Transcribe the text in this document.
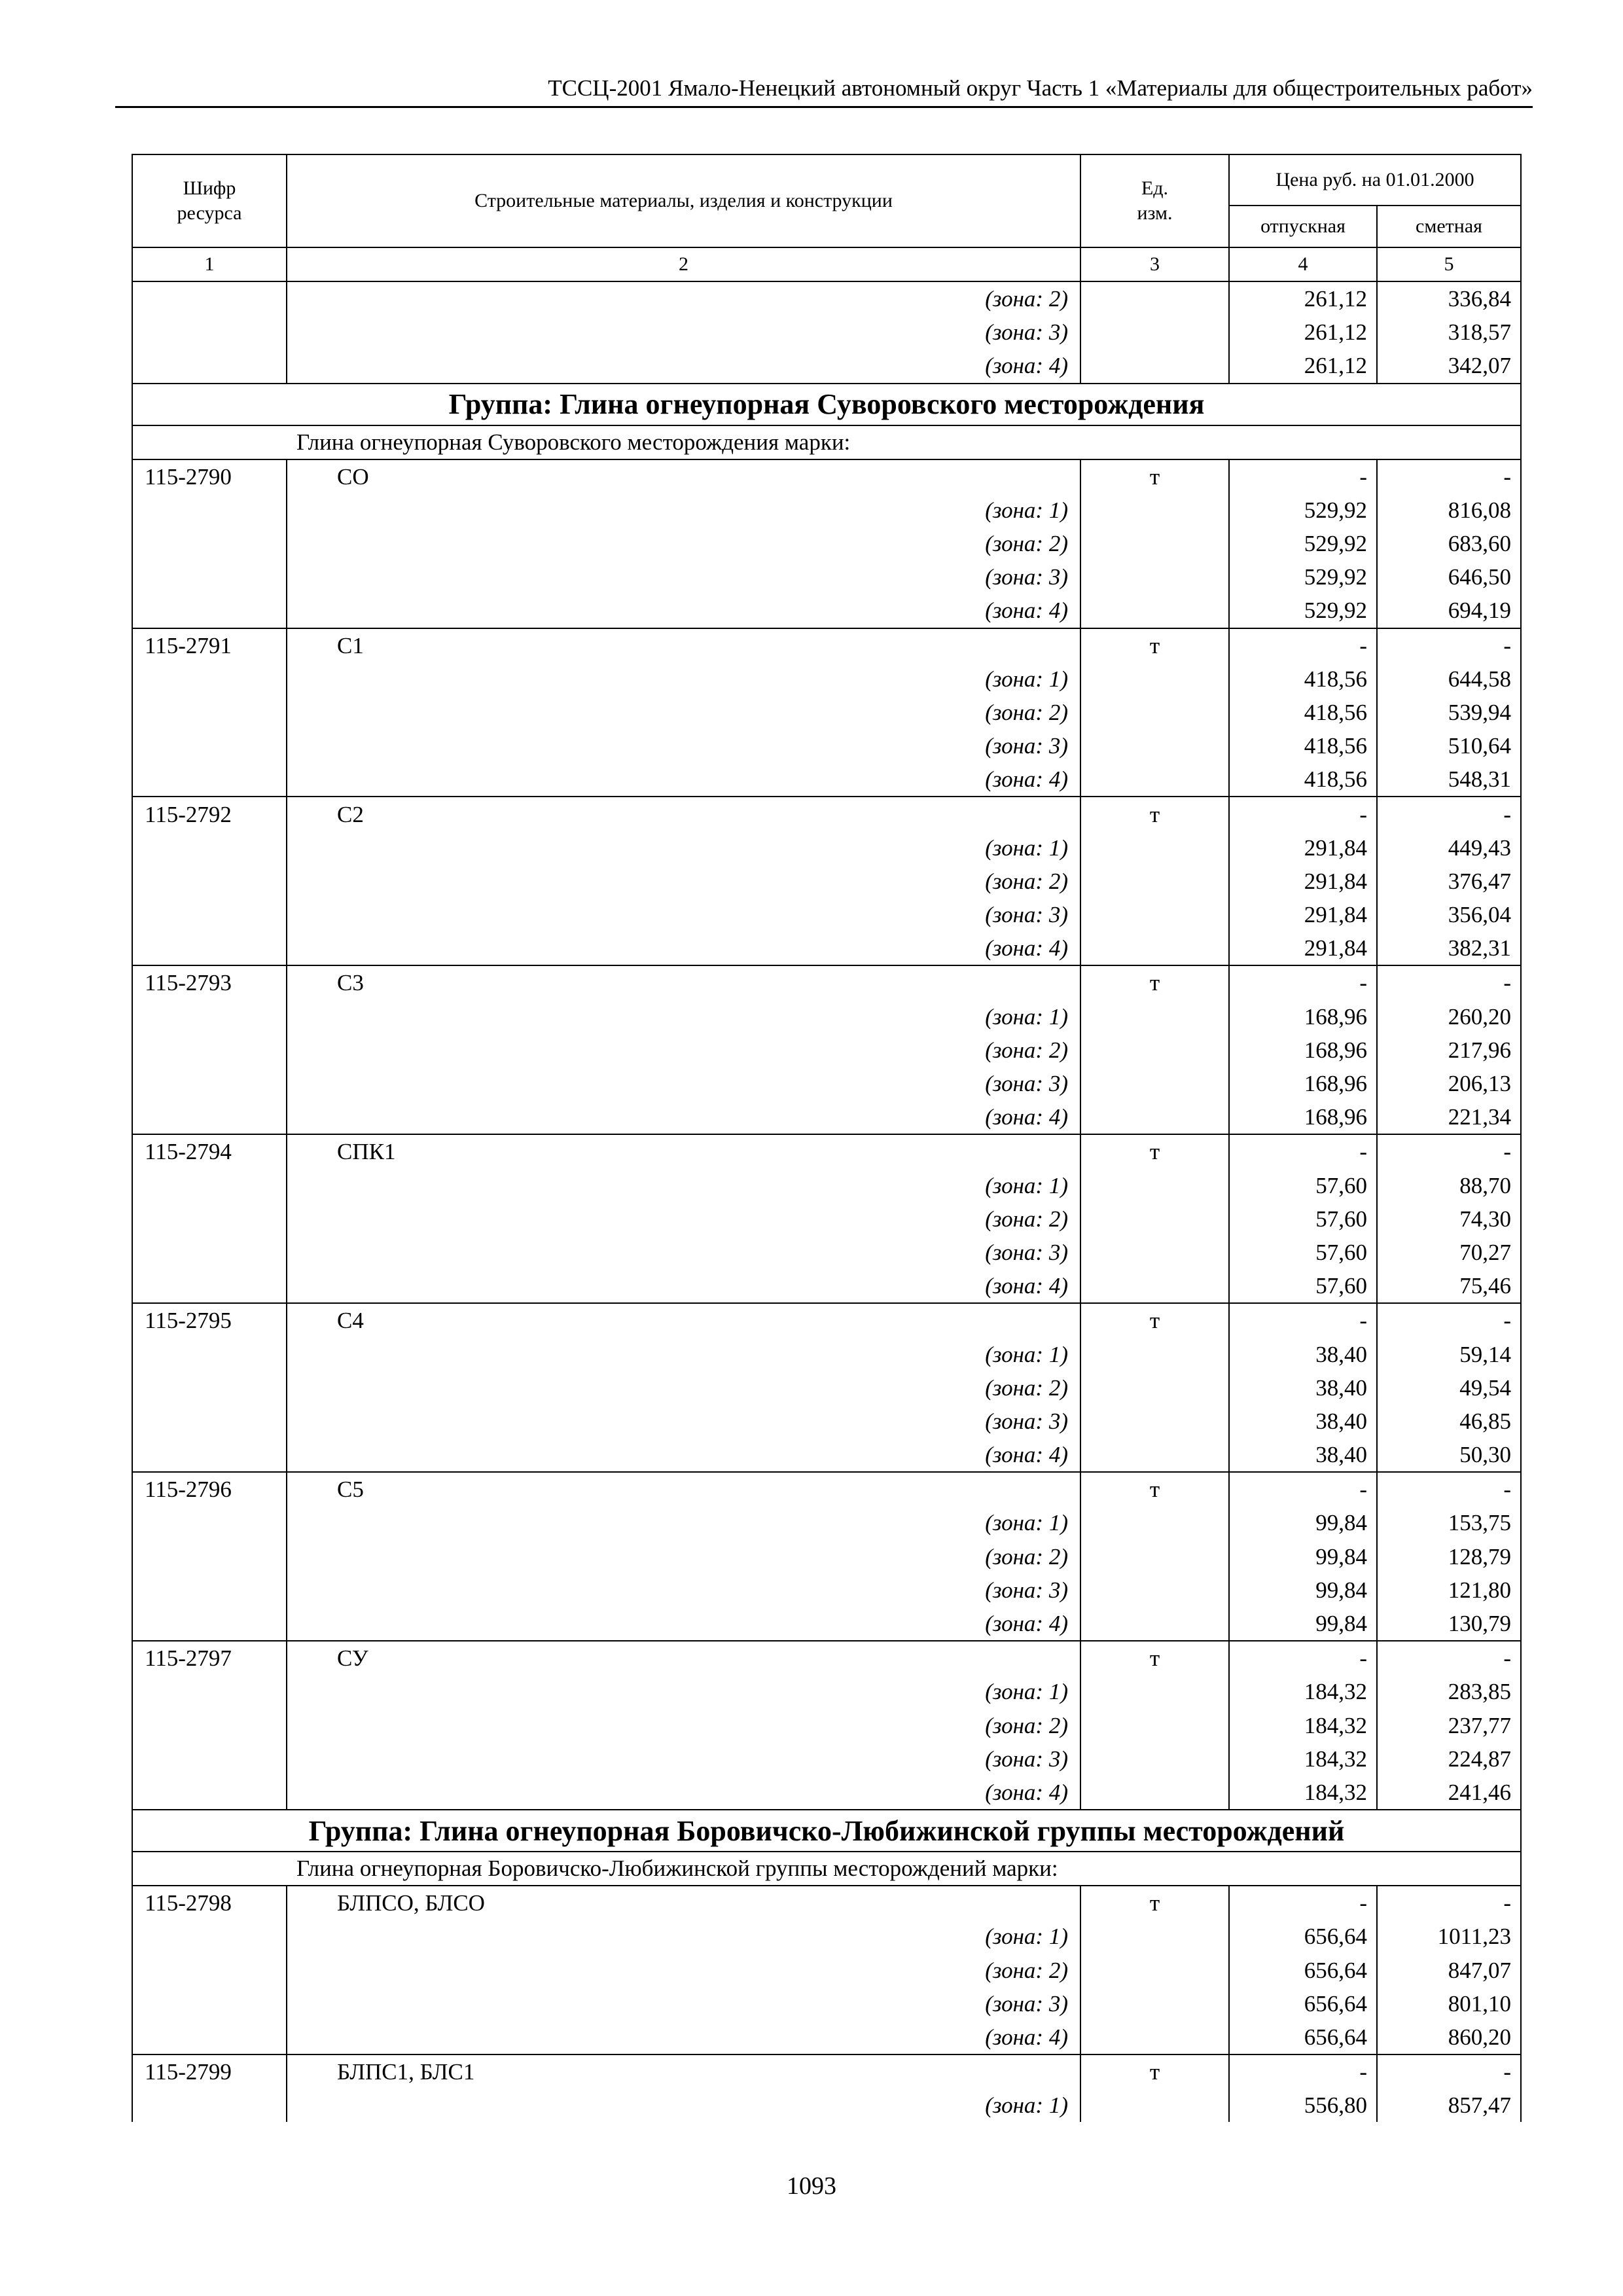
ТССЦ-2001 Ямало-Ненецкий автономный округ Часть 1 «Материалы для общестроительных работ»
Шифр
ресурса	Строительные материалы, изделия и конструкции	Ед.
изм.	Цена руб. на 01.01.2000	
			отпускная	сметная
1	2	3	4	5
	(зона: 2)		261,12	336,84
	(зона: 3)		261,12	318,57
	(зона: 4)		261,12	342,07
Группа: Глина огнеупорная Суворовского месторождения				
Глина огнеупорная Суворовского месторождения марки:				
115-2790	СО	т	-	-
	(зона: 1)		529,92	816,08
	(зона: 2)		529,92	683,60
	(зона: 3)		529,92	646,50
	(зона: 4)		529,92	694,19
115-2791	С1	т	-	-
	(зона: 1)		418,56	644,58
	(зона: 2)		418,56	539,94
	(зона: 3)		418,56	510,64
	(зона: 4)		418,56	548,31
115-2792	С2	т	-	-
	(зона: 1)		291,84	449,43
	(зона: 2)		291,84	376,47
	(зона: 3)		291,84	356,04
	(зона: 4)		291,84	382,31
115-2793	С3	т	-	-
	(зона: 1)		168,96	260,20
	(зона: 2)		168,96	217,96
	(зона: 3)		168,96	206,13
	(зона: 4)		168,96	221,34
115-2794	СПК1	т	-	-
	(зона: 1)		57,60	88,70
	(зона: 2)		57,60	74,30
	(зона: 3)		57,60	70,27
	(зона: 4)		57,60	75,46
115-2795	С4	т	-	-
	(зона: 1)		38,40	59,14
	(зона: 2)		38,40	49,54
	(зона: 3)		38,40	46,85
	(зона: 4)		38,40	50,30
115-2796	С5	т	-	-
	(зона: 1)		99,84	153,75
	(зона: 2)		99,84	128,79
	(зона: 3)		99,84	121,80
	(зона: 4)		99,84	130,79
115-2797	СУ	т	-	-
	(зона: 1)		184,32	283,85
	(зона: 2)		184,32	237,77
	(зона: 3)		184,32	224,87
	(зона: 4)		184,32	241,46
Группа: Глина огнеупорная Боровичско-Любижинской группы месторождений				
Глина огнеупорная Боровичско-Любижинской группы месторождений марки:				
115-2798	БЛПСО, БЛСО	т	-	-
	(зона: 1)		656,64	1011,23
	(зона: 2)		656,64	847,07
	(зона: 3)		656,64	801,10
	(зона: 4)		656,64	860,20
115-2799	БЛПС1, БЛС1	т	-	-
	(зона: 1)		556,80	857,47
1093
